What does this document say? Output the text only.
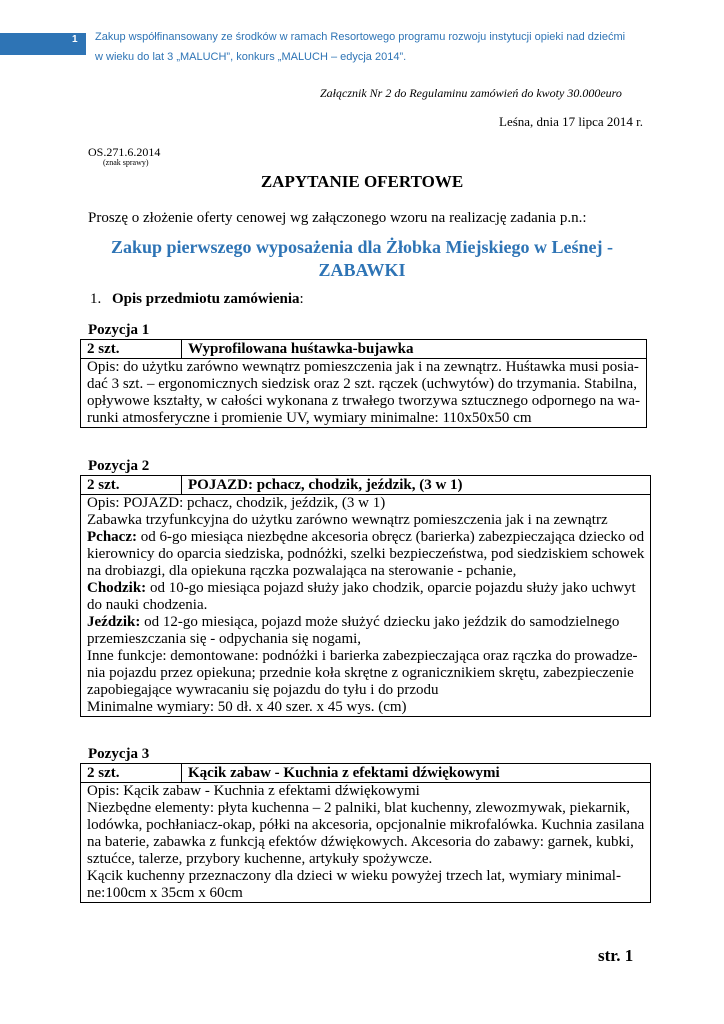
1 Zakup współfinansowany ze środków w ramach Resortowego programu rozwoju instytucji opieki nad dziećmi
w wieku do lat 3 „MALUCH”, konkurs „MALUCH – edycja 2014”.
Załącznik Nr 2 do Regulaminu zamówień do kwoty 30.000euro
Leśna, dnia 17 lipca 2014 r.
OS.271.6.2014
(znak sprawy)
ZAPYTANIE OFERTOWE
Proszę o złożenie oferty cenowej wg załączonego wzoru na realizację zadania p.n.:
Zakup pierwszego wyposażenia dla Żłobka Miejskiego w Leśnej -
ZABAWKI
1. Opis przedmiotu zamówienia:
Pozycja 1
2 szt.	Wyprofilowana huśtawka-bujawka

Opis: do użytku zarówno wewnątrz pomieszczenia jak i na zewnątrz. Huśtawka musi posia-
dać 3 szt. – ergonomicznych siedzisk oraz 2 szt. rączek (uchwytów) do trzymania. Stabilna,
opływowe kształty, w całości wykonana z trwałego tworzywa sztucznego odpornego na wa-
runki atmosferyczne i promienie UV, wymiary minimalne: 110x50x50 cm
Pozycja 2
2 szt.	POJAZD: pchacz, chodzik, jeździk, (3 w 1)

Opis: POJAZD: pchacz, chodzik, jeździk, (3 w 1)
Zabawka trzyfunkcyjna do użytku zarówno wewnątrz pomieszczenia jak i na zewnątrz
Pchacz: od 6-go miesiąca niezbędne akcesoria obręcz (barierka) zabezpieczająca dziecko od
kierownicy do oparcia siedziska, podnóżki, szelki bezpieczeństwa, pod siedziskiem schowek
na drobiazgi, dla opiekuna rączka pozwalająca na sterowanie - pchanie,
Chodzik: od 10-go miesiąca pojazd służy jako chodzik, oparcie pojazdu służy jako uchwyt
do nauki chodzenia.
Jeździk: od 12-go miesiąca, pojazd może służyć dziecku jako jeździk do samodzielnego
przemieszczania się - odpychania się nogami,
Inne funkcje: demontowane: podnóżki i barierka zabezpieczająca oraz rączka do prowadze-
nia pojazdu przez opiekuna; przednie koła skrętne z ogranicznikiem skrętu, zabezpieczenie
zapobiegające wywracaniu się pojazdu do tyłu i do przodu
Minimalne wymiary: 50 dł. x 40 szer. x 45 wys. (cm)
Pozycja 3
2 szt.	Kącik zabaw - Kuchnia z efektami dźwiękowymi

Opis: Kącik zabaw - Kuchnia z efektami dźwiękowymi
Niezbędne elementy: płyta kuchenna – 2 palniki, blat kuchenny, zlewozmywak, piekarnik,
lodówka, pochłaniacz-okap, półki na akcesoria, opcjonalnie mikrofalówka. Kuchnia zasilana
na baterie, zabawka z funkcją efektów dźwiękowych. Akcesoria do zabawy: garnek, kubki,
sztućce, talerze, przybory kuchenne, artykuły spożywcze.
Kącik kuchenny przeznaczony dla dzieci w wieku powyżej trzech lat, wymiary minimal-
ne:100cm x 35cm x 60cm
str. 1
